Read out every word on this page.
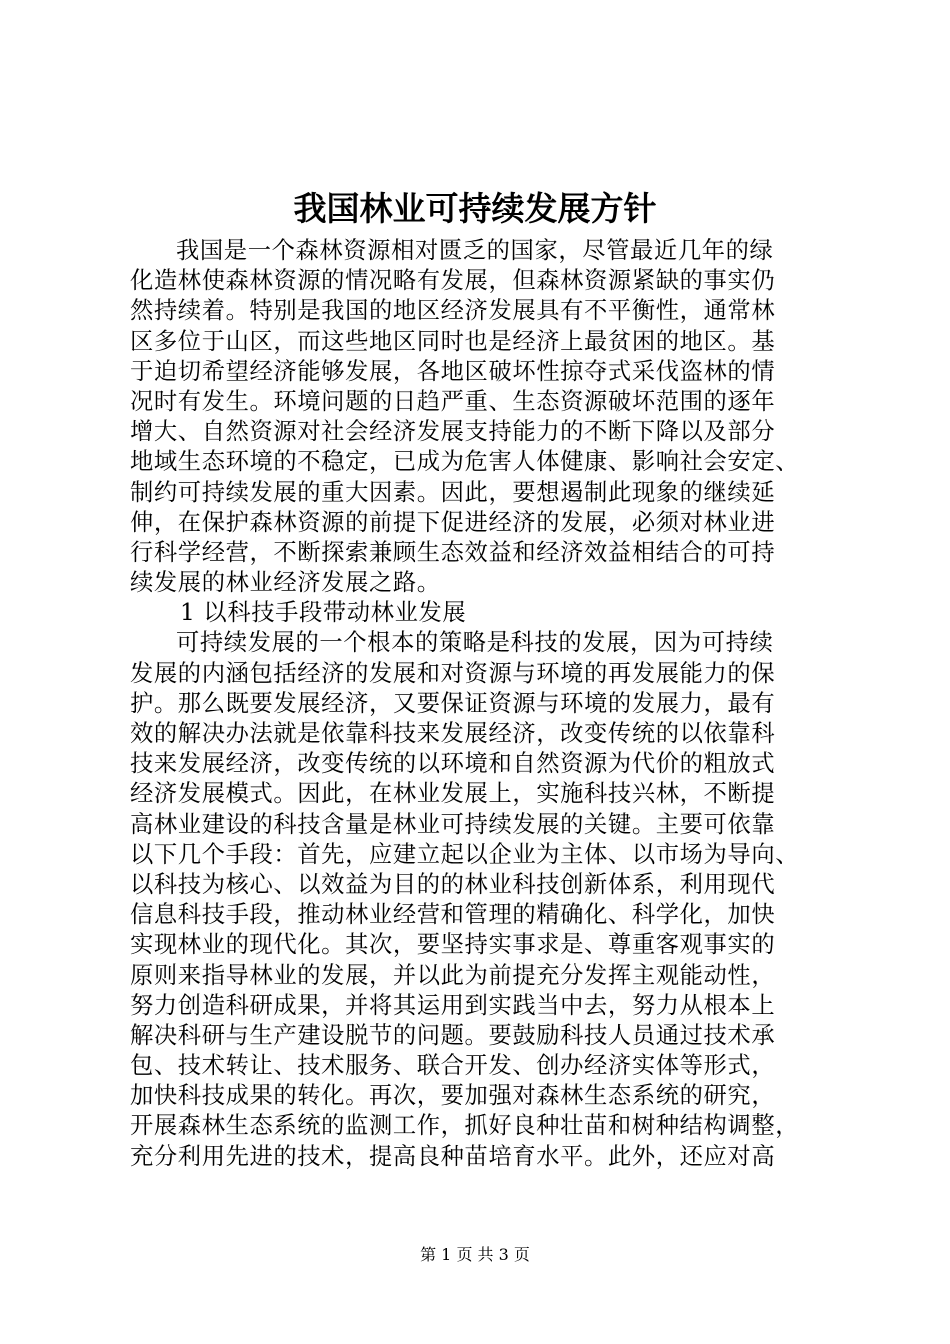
我国林业可持续发展方针
我国是一个森林资源相对匮乏的国家，尽管最近几年的绿
化造林使森林资源的情况略有发展，但森林资源紧缺的事实仍
然持续着。特别是我国的地区经济发展具有不平衡性，通常林
区多位于山区，而这些地区同时也是经济上最贫困的地区。基
于迫切希望经济能够发展，各地区破坏性掠夺式采伐盗林的情
况时有发生。环境问题的日趋严重、生态资源破坏范围的逐年
增大、自然资源对社会经济发展支持能力的不断下降以及部分
地域生态环境的不稳定，已成为危害人体健康、影响社会安定、
制约可持续发展的重大因素。因此，要想遏制此现象的继续延
伸，在保护森林资源的前提下促进经济的发展，必须对林业进
行科学经营，不断探索兼顾生态效益和经济效益相结合的可持
续发展的林业经济发展之路。
1 以科技手段带动林业发展
可持续发展的一个根本的策略是科技的发展，因为可持续
发展的内涵包括经济的发展和对资源与环境的再发展能力的保
护。那么既要发展经济，又要保证资源与环境的发展力，最有
效的解决办法就是依靠科技来发展经济，改变传统的以依靠科
技来发展经济，改变传统的以环境和自然资源为代价的粗放式
经济发展模式。因此，在林业发展上，实施科技兴林，不断提
高林业建设的科技含量是林业可持续发展的关键。主要可依靠
以下几个手段：首先，应建立起以企业为主体、以市场为导向、
以科技为核心、以效益为目的的林业科技创新体系，利用现代
信息科技手段，推动林业经营和管理的精确化、科学化，加快
实现林业的现代化。其次，要坚持实事求是、尊重客观事实的
原则来指导林业的发展，并以此为前提充分发挥主观能动性，
努力创造科研成果，并将其运用到实践当中去，努力从根本上
解决科研与生产建设脱节的问题。要鼓励科技人员通过技术承
包、技术转让、技术服务、联合开发、创办经济实体等形式，
加快科技成果的转化。再次，要加强对森林生态系统的研究，
开展森林生态系统的监测工作，抓好良种壮苗和树种结构调整，
充分利用先进的技术，提高良种苗培育水平。此外，还应对高
第 1 页 共 3 页
